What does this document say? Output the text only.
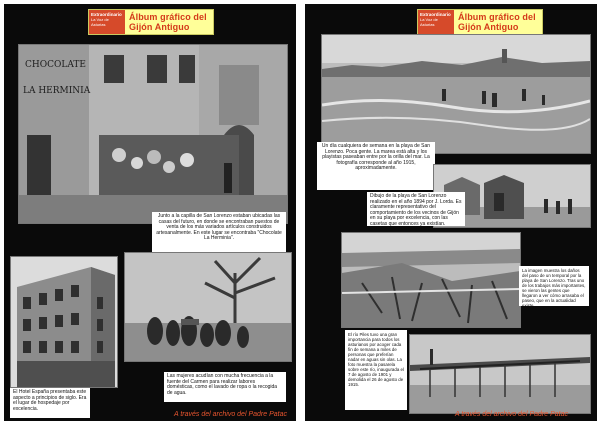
Extraordinario
La Voz de Asturias
Álbum gráfico del
Gijón Antiguo
CHOCOLATE
LA HERMINIA
Junto a la capilla de San Lorenzo estaban ubicadas las casas del futuro, en donde se encontraban puestos de venta de los más variados artículos construidos artesanalmente. En este lugar se encontraba "Chocolate La Herminia".
El Hotel España presentaba este aspecto a principios de siglo. Era el lugar de hospedaje por excelencia.
Las mujeres acudían con mucha frecuencia a la fuente del Carmen para realizar labores domésticas, como el lavado de ropa o la recogida de agua.
A través del archivo del Padre Patac
Extraordinario
La Voz de Asturias
Álbum gráfico del
Gijón Antiguo
Un día cualquiera de semana en la playa de San Lorenzo. Poca gente. La marea está alta y los playistas paseaban entre por la orilla del mar. La fotografía corresponde al año 1915, aproximadamente.
Dibujo de la playa de San Lorenzo realizado en el año 1894 por J. Lorda. Es claramente representativo del comportamiento de los vecinos de Gijón en su playa por excelencia, con las casetas que entonces ya existían.
La imagen muestra los daños del paso de un temporal por la playa de San Lorenzo. Tras uno de los trabajos más importantes, se vieron las gentes que llegaron a ver cómo arrasaba el paseo, que en la actualidad existe.
El río Piles tuvo una gran importancia para todos los asturianos por acoger cada fin de semana a miles de personas que preferían nadar en aguas sin olas. La foto muestra la pasarela sobre este río, inaugurada el 7 de agosto de 1901 y demolida el 26 de agosto de 1915.
A través del archivo del Padre Patac
